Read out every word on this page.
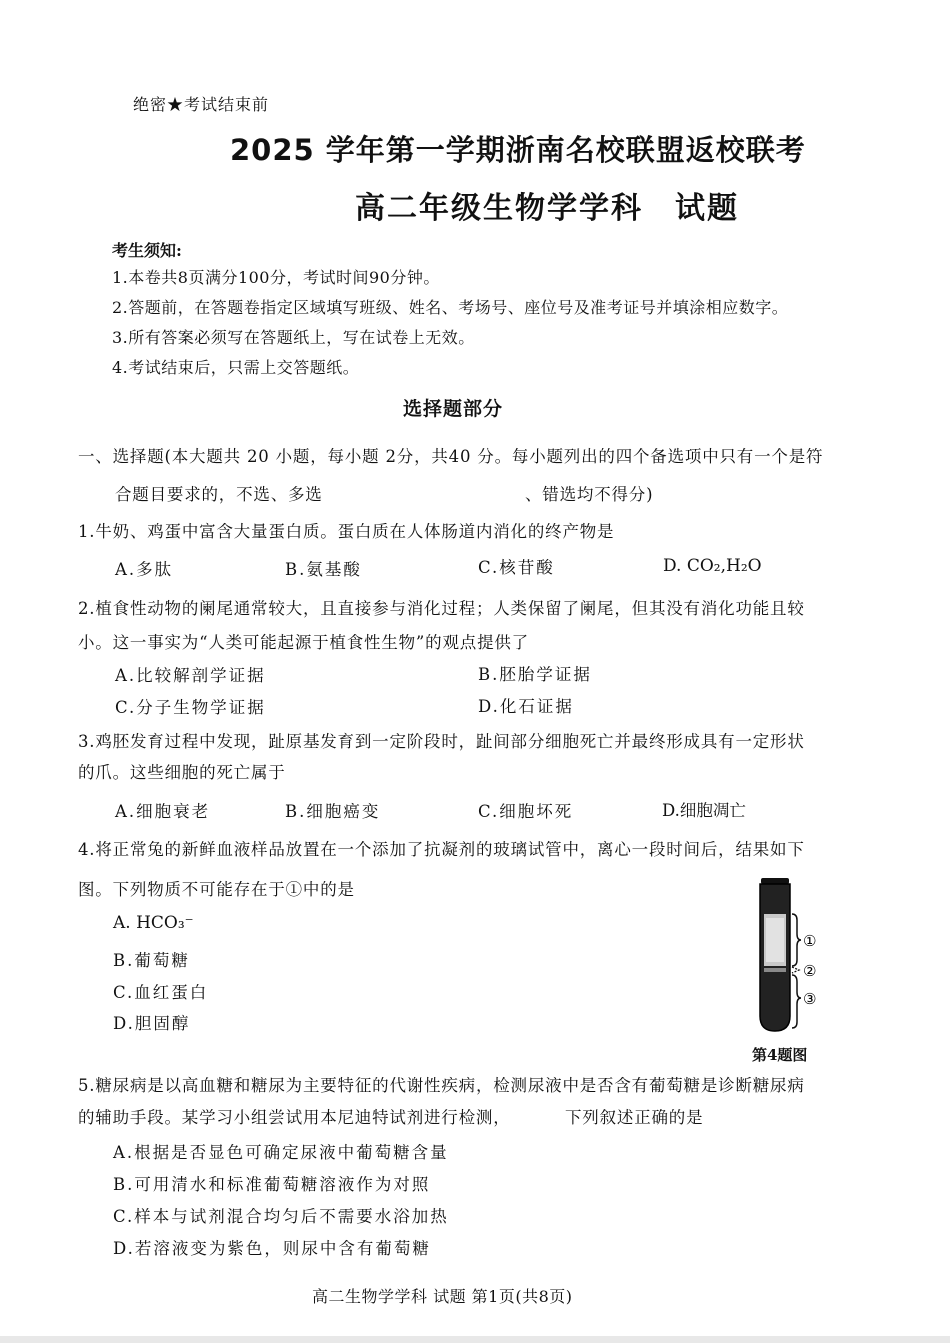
绝密★考试结束前
2025 学年第一学期浙南名校联盟返校联考
高二年级生物学学科　试题
考生须知:
1.本卷共8页满分100分，考试时间90分钟。
2.答题前，在答题卷指定区域填写班级、姓名、考场号、座位号及准考证号并填涂相应数字。
3.所有答案必须写在答题纸上，写在试卷上无效。
4.考试结束后，只需上交答题纸。
选择题部分
一、选择题(本大题共 20 小题，每小题 2分，共40 分。每小题列出的四个备选项中只有一个是符
合题目要求的，不选、多选	、错选均不得分)
1.牛奶、鸡蛋中富含大量蛋白质。蛋白质在人体肠道内消化的终产物是
A.多肽	B.氨基酸	C.核苷酸	D. CO₂,H₂O
2.植食性动物的阑尾通常较大，且直接参与消化过程；人类保留了阑尾，但其没有消化功能且较
小。这一事实为“人类可能起源于植食性生物”的观点提供了
A.比较解剖学证据	B.胚胎学证据
C.分子生物学证据	D.化石证据
3.鸡胚发育过程中发现，趾原基发育到一定阶段时，趾间部分细胞死亡并最终形成具有一定形状
的爪。这些细胞的死亡属于
A.细胞衰老	B.细胞癌变	C.细胞坏死	D.细胞凋亡
4.将正常兔的新鲜血液样品放置在一个添加了抗凝剂的玻璃试管中，离心一段时间后，结果如下
图。下列物质不可能存在于①中的是
A. HCO₃⁻
B.葡萄糖
C.血红蛋白
D.胆固醇
①
②
③
第4题图
5.糖尿病是以高血糖和糖尿为主要特征的代谢性疾病，检测尿液中是否含有葡萄糖是诊断糖尿病
的辅助手段。某学习小组尝试用本尼迪特试剂进行检测，	下列叙述正确的是
A.根据是否显色可确定尿液中葡萄糖含量
B.可用清水和标准葡萄糖溶液作为对照
C.样本与试剂混合均匀后不需要水浴加热
D.若溶液变为紫色，则尿中含有葡萄糖
高二生物学学科 试题 第1页(共8页)
